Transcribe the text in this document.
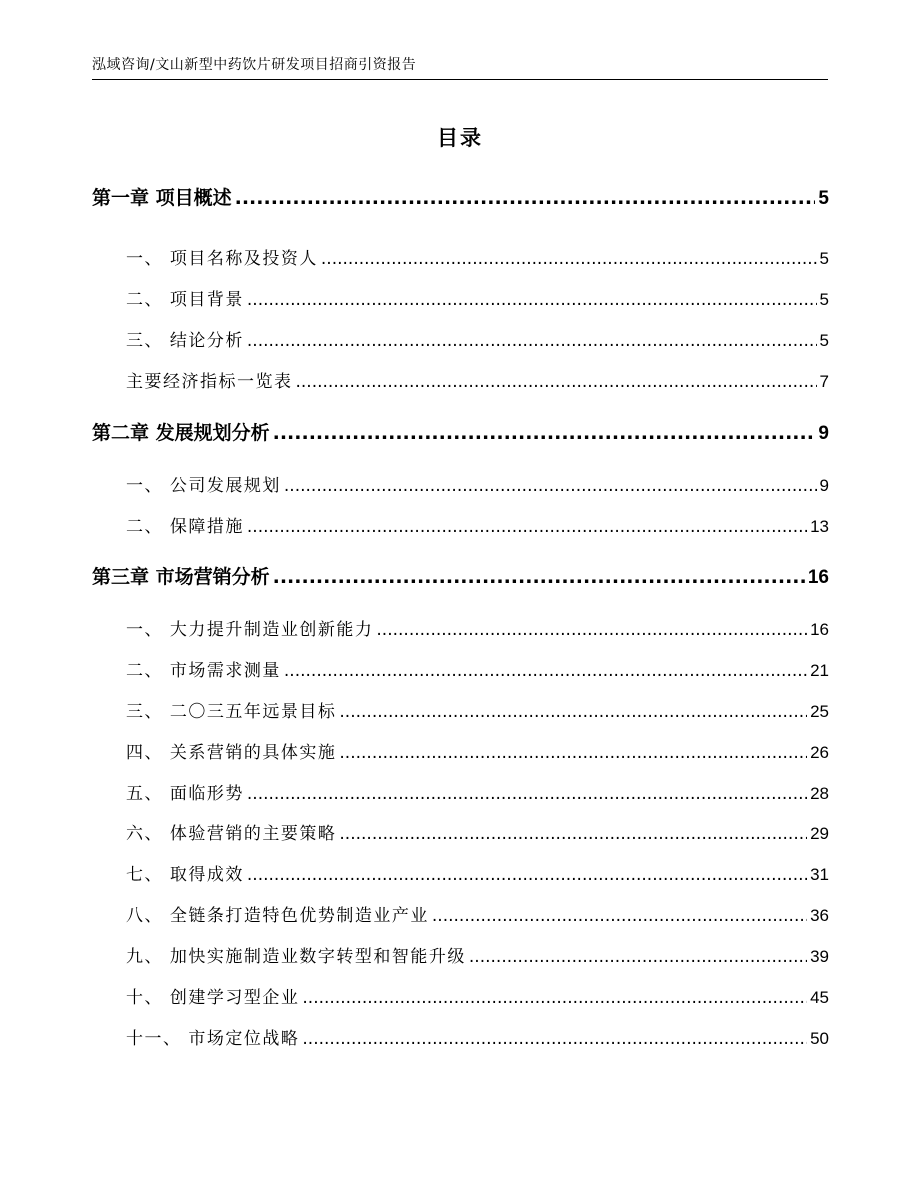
泓域咨询/文山新型中药饮片研发项目招商引资报告
目录
第一章 项目概述 .....	5
一、 项目名称及投资人 .....	5
二、 项目背景 .....	5
三、 结论分析 .....	5
主要经济指标一览表 .....	7
第二章 发展规划分析 .....	9
一、 公司发展规划 .....	9
二、 保障措施 .....	13
第三章 市场营销分析 .....	16
一、 大力提升制造业创新能力 .....	16
二、 市场需求测量 .....	21
三、 二〇三五年远景目标 .....	25
四、 关系营销的具体实施 .....	26
五、 面临形势 .....	28
六、 体验营销的主要策略 .....	29
七、 取得成效 .....	31
八、 全链条打造特色优势制造业产业 .....	36
九、 加快实施制造业数字转型和智能升级 .....	39
十、 创建学习型企业 .....	45
十一、 市场定位战略 .....	50
